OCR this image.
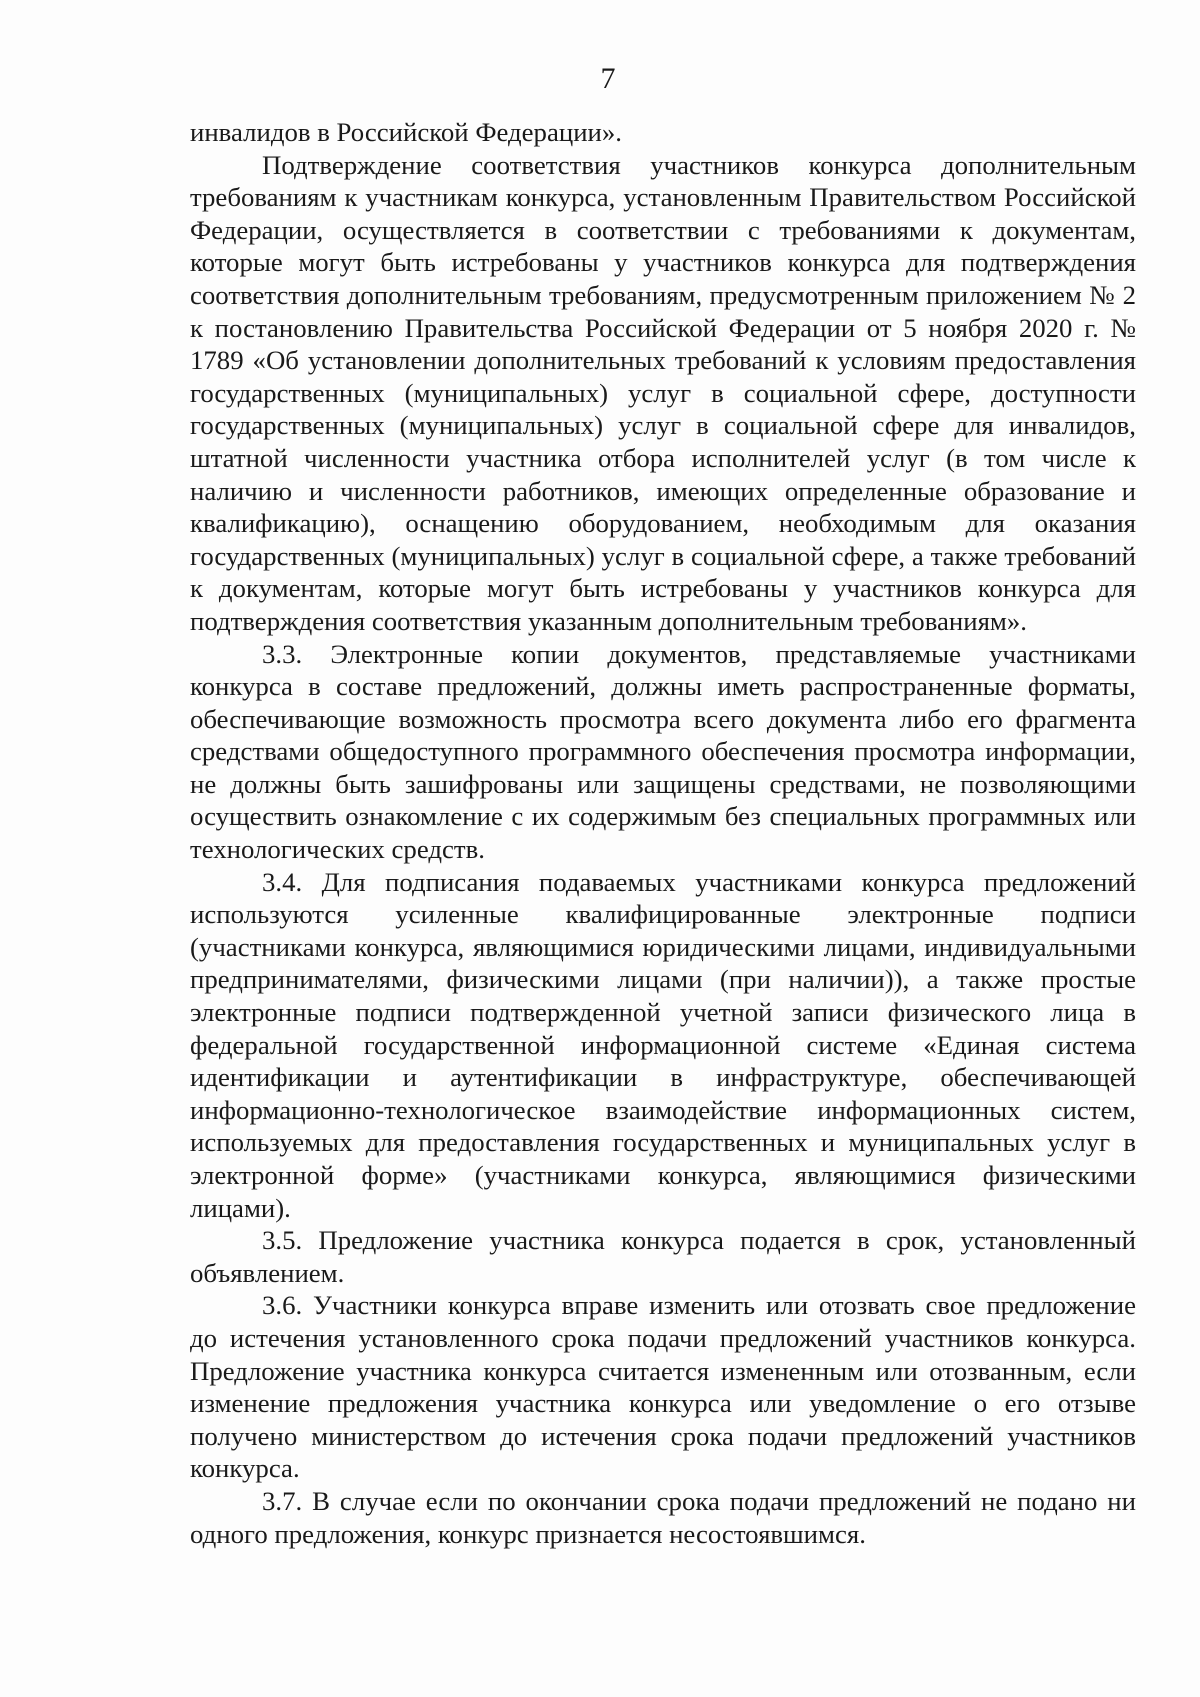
7

инвалидов в Российской Федерации».

Подтверждение соответствия участников конкурса дополнительным требованиям к участникам конкурса, установленным Правительством Российской Федерации, осуществляется в соответствии с требованиями к документам, которые могут быть истребованы у участников конкурса для подтверждения соответствия дополнительным требованиям, предусмотренным приложением № 2 к постановлению Правительства Российской Федерации от 5 ноября 2020 г. № 1789 «Об установлении дополнительных требований к условиям предоставления государственных (муниципальных) услуг в социальной сфере, доступности государственных (муниципальных) услуг в социальной сфере для инвалидов, штатной численности участника отбора исполнителей услуг (в том числе к наличию и численности работников, имеющих определенные образование и квалификацию), оснащению оборудованием, необходимым для оказания государственных (муниципальных) услуг в социальной сфере, а также требований к документам, которые могут быть истребованы у участников конкурса для подтверждения соответствия указанным дополнительным требованиям».

3.3. Электронные копии документов, представляемые участниками конкурса в составе предложений, должны иметь распространенные форматы, обеспечивающие возможность просмотра всего документа либо его фрагмента средствами общедоступного программного обеспечения просмотра информации, не должны быть зашифрованы или защищены средствами, не позволяющими осуществить ознакомление с их содержимым без специальных программных или технологических средств.

3.4. Для подписания подаваемых участниками конкурса предложений используются усиленные квалифицированные электронные подписи (участниками конкурса, являющимися юридическими лицами, индивидуальными предпринимателями, физическими лицами (при наличии)), а также простые электронные подписи подтвержденной учетной записи физического лица в федеральной государственной информационной системе «Единая система идентификации и аутентификации в инфраструктуре, обеспечивающей информационно-технологическое взаимодействие информационных систем, используемых для предоставления государственных и муниципальных услуг в электронной форме» (участниками конкурса, являющимися физическими лицами).

3.5. Предложение участника конкурса подается в срок, установленный объявлением.

3.6. Участники конкурса вправе изменить или отозвать свое предложение до истечения установленного срока подачи предложений участников конкурса. Предложение участника конкурса считается измененным или отозванным, если изменение предложения участника конкурса или уведомление о его отзыве получено министерством до истечения срока подачи предложений участников конкурса.

3.7. В случае если по окончании срока подачи предложений не подано ни одного предложения, конкурс признается несостоявшимся.
